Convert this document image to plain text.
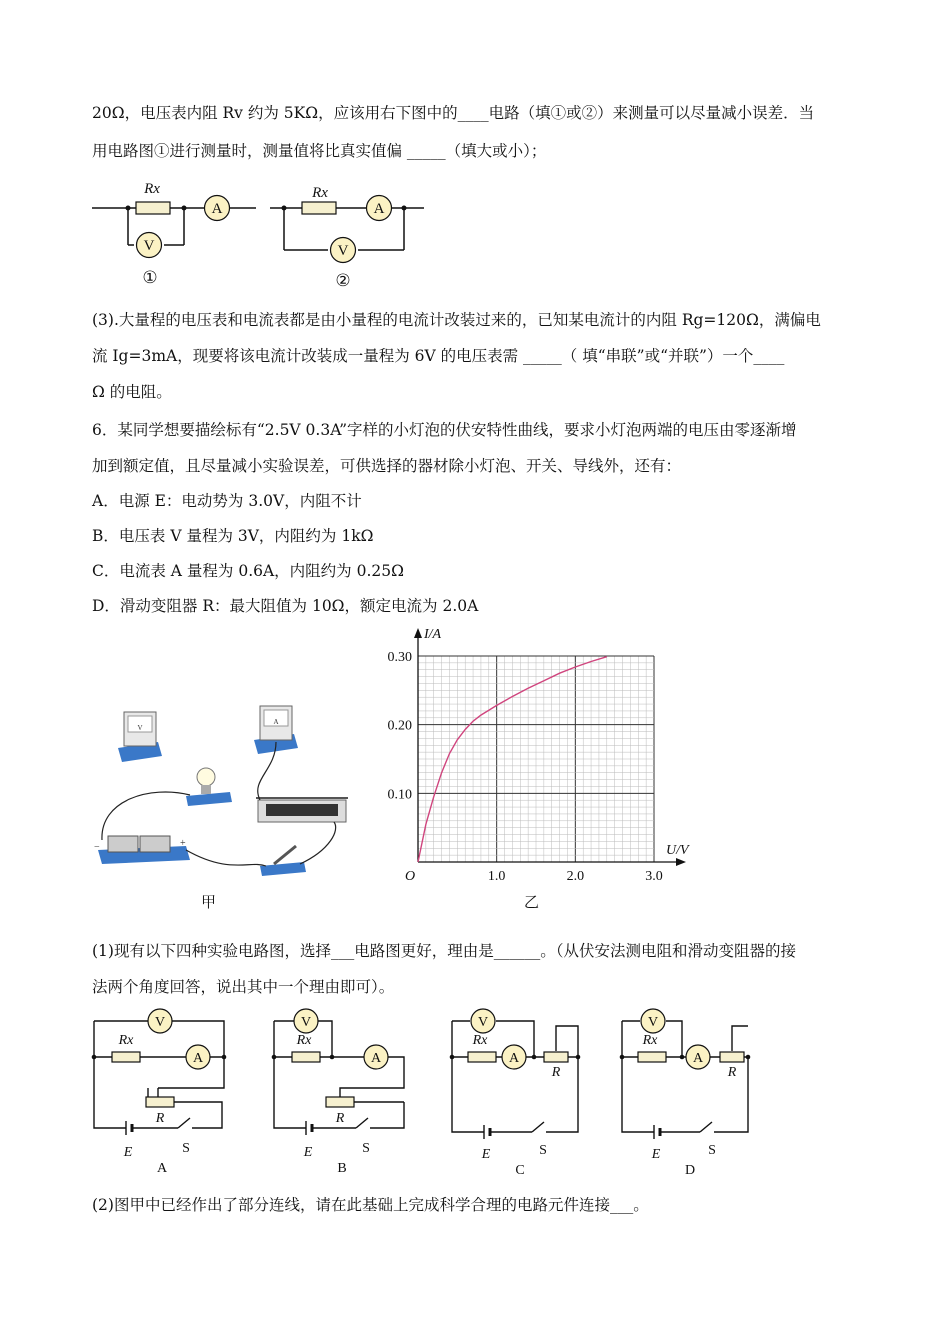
20Ω，电压表内阻 Rv 约为 5KΩ，应该用右下图中的____电路（填①或②）来测量可以尽量减小误差．当
用电路图①进行测量时，测量值将比真实值偏 _____（填大或小）；
A
V
A
V
Rx	Rx
①	②
(3).大量程的电压表和电流表都是由小量程的电流计改装过来的，已知某电流计的内阻 Rg=120Ω，满偏电
流 Ig=3mA，现要将该电流计改装成一量程为 6V 的电压表需 _____（ 填“串联”或“并联”）一个____
Ω 的电阻。
6．某同学想要描绘标有“2.5V 0.3A”字样的小灯泡的伏安特性曲线，要求小灯泡两端的电压由零逐渐增
加到额定值，且尽量减小实验误差，可供选择的器材除小灯泡、开关、导线外，还有：
A．电源 E：电动势为 3.0V，内阻不计
B．电压表 V 量程为 3V，内阻约为 1kΩ
C．电流表 A 量程为 0.6A，内阻约为 0.25Ω
D．滑动变阻器 R：最大阻值为 10Ω，额定电流为 2.0A
V
A
−	+
甲
O	1.0	2.0	3.0
0.10
0.20
0.30
I/A
U/V
乙
(1)现有以下四种实验电路图，选择___电路图更好，理由是______。（从伏安法测电阻和滑动变阻器的接
法两个角度回答，说出其中一个理由即可）。
V
A
V
A
V
A
V
A
Rx
R
E
Rx
R
E
Rx
R
E
Rx
R
E
S	S	S	S
A	B	C	D
(2)图甲中已经作出了部分连线，请在此基础上完成科学合理的电路元件连接___。
